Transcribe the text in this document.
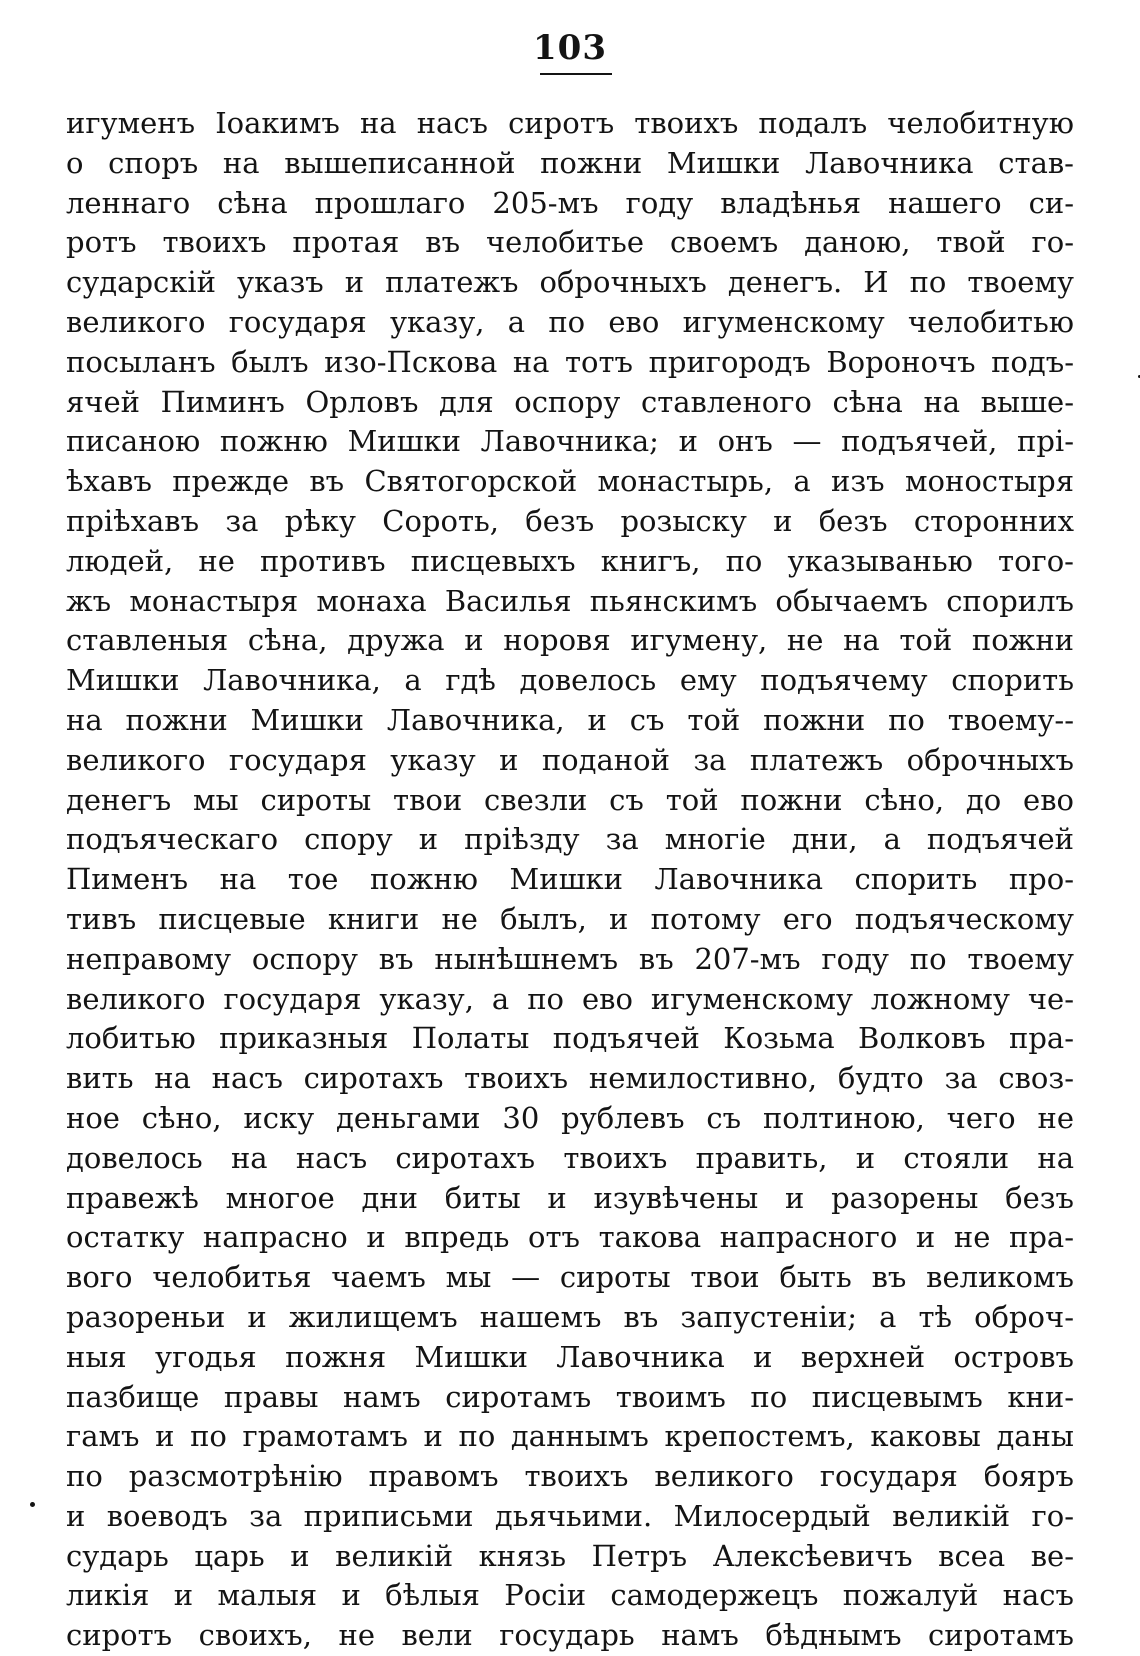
103
игуменъ Іоакимъ на насъ сиротъ твоихъ подалъ челобитную
о споръ на вышеписанной пожни Мишки Лавочника став-
леннаго сѣна прошлаго 205-мъ году владѣнья нашего си-
ротъ твоихъ протая въ челобитье своемъ даною, твой го-
сударскій указъ и платежъ оброчныхъ денегъ. И по твоему
великого государя указу, а по ево игуменскому челобитью
посыланъ былъ изо-Пскова на тотъ пригородъ Вороночъ подъ-
ячей Пиминъ Орловъ для оспору ставленого сѣна на выше-
писаною пожню Мишки Лавочника; и онъ — подъячей, прі-
ѣхавъ прежде въ Святогорской монастырь, а изъ моностыря
пріѣхавъ за рѣку Сороть, безъ розыску и безъ сторонних
людей, не противъ писцевыхъ книгъ, по указыванью тогo-
жъ монастыря монаха Василья пьянскимъ обычаемъ спорилъ
ставленыя сѣна, дружа и норовя игумену, не на той пожни
Мишки Лавочника, а гдѣ довелось ему подъячему спорить
на пожни Мишки Лавочника, и съ той пожни по твоему--
великого государя указу и поданой за платежъ оброчныхъ
денегъ мы сироты твои свезли съ той пожни сѣно, до ево
подъяческаго спору и пріѣзду за многіе дни, а подъячей
Пименъ на тое пожню Мишки Лавочника спорить про-
тивъ писцевые книги не былъ, и потому его подъяческому
неправому оспору въ нынѣшнемъ въ 207-мъ году по твоему
великого государя указу, а по ево игуменскому ложному че-
лобитью приказныя Полаты подъячей Козьма Волковъ пра-
вить на насъ сиротахъ твоихъ немилостивно, будто за своз-
ное сѣно, иску деньгами 30 рублевъ съ полтиною, чего не
довелось на насъ сиротахъ твоихъ править, и стояли на
правежѣ многое дни биты и изувѣчены и разорены безъ
остатку напрасно и впредь отъ такова напрасного и не пра-
вого челобитья чаемъ мы — сироты твои быть въ великомъ
разореньи и жилищемъ нашемъ въ запустеніи; а тѣ оброч-
ныя угодья пожня Мишки Лавочника и верхней островъ
пазбище правы намъ сиротамъ твоимъ по писцевымъ кни-
гамъ и по грамотамъ и по даннымъ крепостемъ, каковы даны
по разсмотрѣнію правомъ твоихъ великого государя бояръ
и воеводъ за приписьми дьячьими. Милосердый великій го-
сударь царь и великій князь Петръ Алексѣевичъ всеа ве-
ликія и малыя и бѣлыя Росіи самодержецъ пожалуй насъ
сиротъ своихъ, не вели государь намъ бѣднымъ сиротамъ
